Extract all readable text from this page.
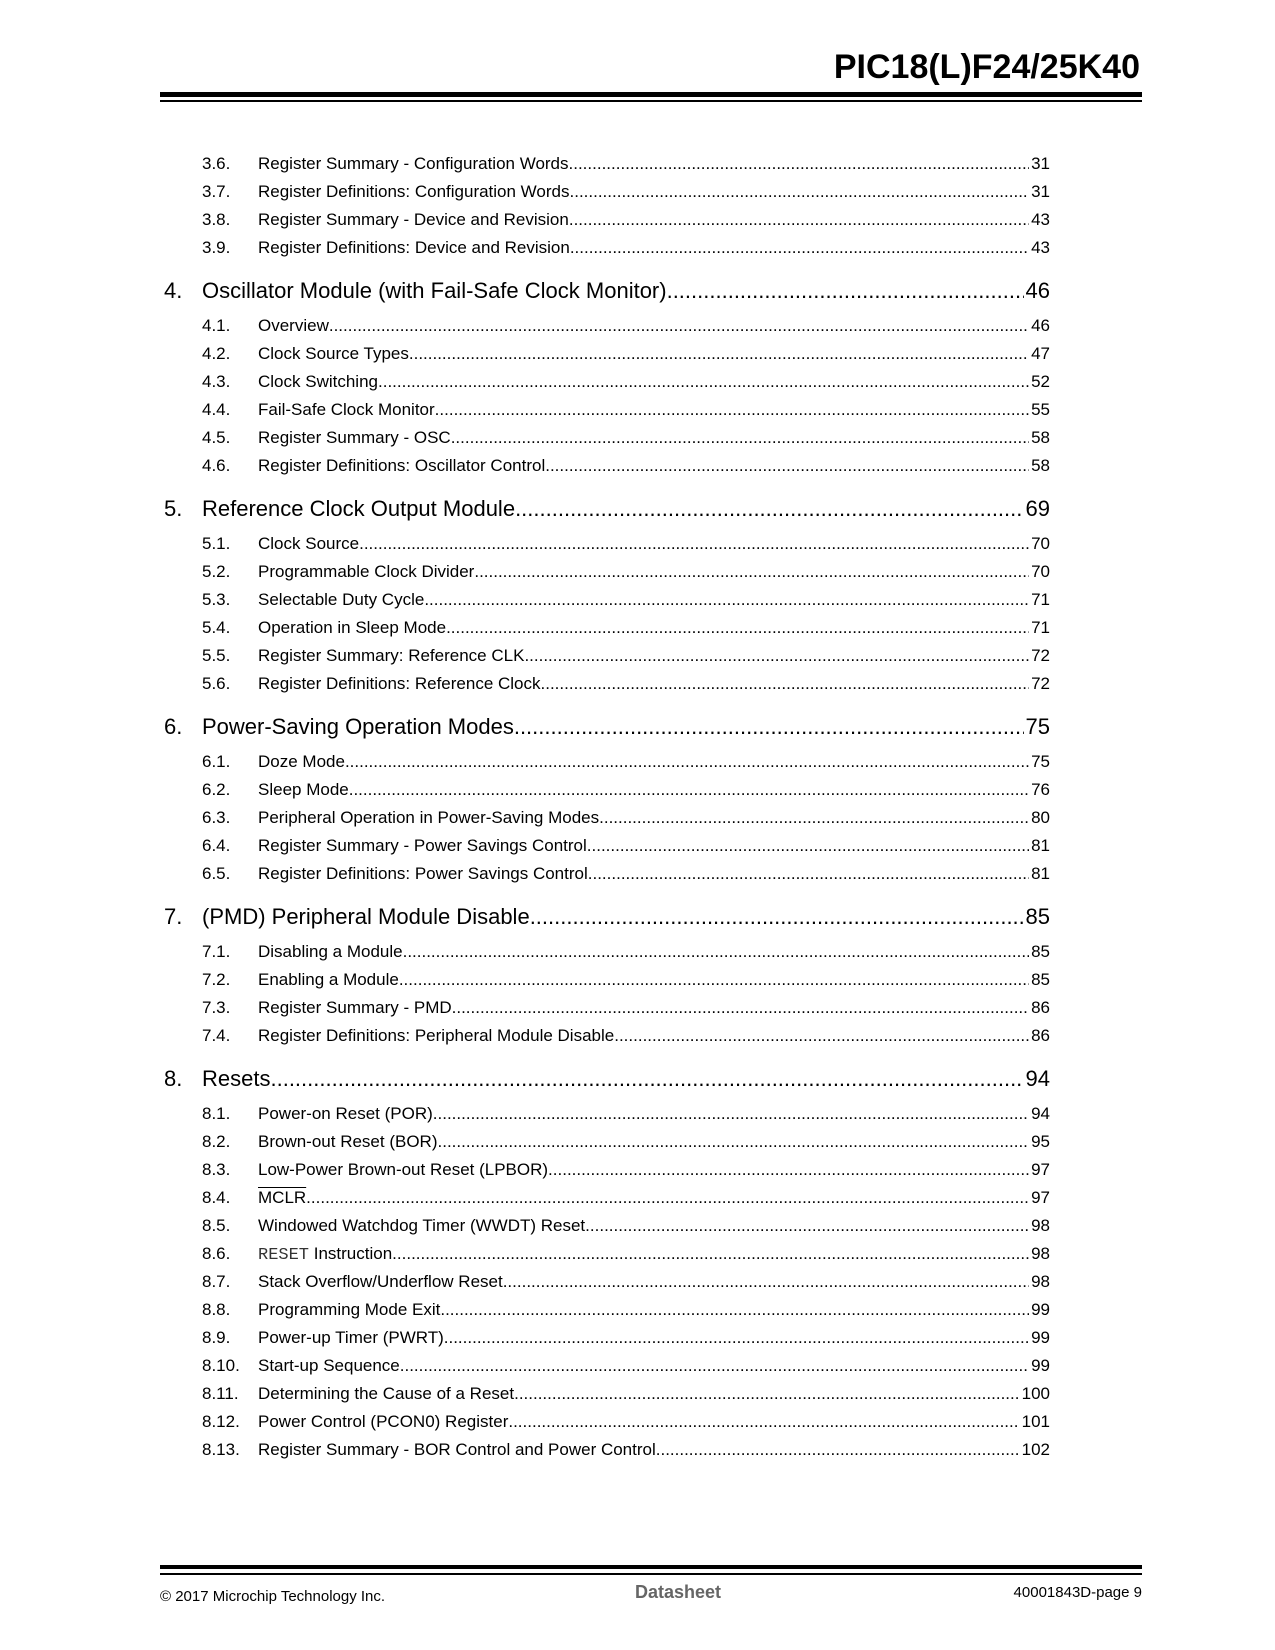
PIC18(L)F24/25K40
3.6.	Register Summary - Configuration Words .....	31
3.7.	Register Definitions: Configuration Words .....	31
3.8.	Register Summary - Device and Revision .....	43
3.9.	Register Definitions: Device and Revision .....	43
4. Oscillator Module (with Fail-Safe Clock Monitor) .....	46
4.1.	Overview .....	46
4.2.	Clock Source Types .....	47
4.3.	Clock Switching .....	52
4.4.	Fail-Safe Clock Monitor .....	55
4.5.	Register Summary - OSC .....	58
4.6.	Register Definitions: Oscillator Control .....	58
5. Reference Clock Output Module .....	69
5.1.	Clock Source .....	70
5.2.	Programmable Clock Divider .....	70
5.3.	Selectable Duty Cycle .....	71
5.4.	Operation in Sleep Mode .....	71
5.5.	Register Summary: Reference CLK .....	72
5.6.	Register Definitions: Reference Clock .....	72
6. Power-Saving Operation Modes .....	75
6.1.	Doze Mode .....	75
6.2.	Sleep Mode .....	76
6.3.	Peripheral Operation in Power-Saving Modes .....	80
6.4.	Register Summary - Power Savings Control .....	81
6.5.	Register Definitions: Power Savings Control .....	81
7. (PMD) Peripheral Module Disable .....	85
7.1.	Disabling a Module .....	85
7.2.	Enabling a Module .....	85
7.3.	Register Summary - PMD .....	86
7.4.	Register Definitions: Peripheral Module Disable .....	86
8. Resets .....	94
8.1.	Power-on Reset (POR) .....	94
8.2.	Brown-out Reset (BOR) .....	95
8.3.	Low-Power Brown-out Reset (LPBOR) .....	97
8.4.	MCLR .....	97
8.5.	Windowed Watchdog Timer (WWDT) Reset .....	98
8.6.	RESET Instruction .....	98
8.7.	Stack Overflow/Underflow Reset .....	98
8.8.	Programming Mode Exit .....	99
8.9.	Power-up Timer (PWRT) .....	99
8.10.	Start-up Sequence .....	99
8.11.	Determining the Cause of a Reset .....	100
8.12.	Power Control (PCON0) Register .....	101
8.13.	Register Summary - BOR Control and Power Control .....	102
© 2017 Microchip Technology Inc.	Datasheet	40001843D-page 9
